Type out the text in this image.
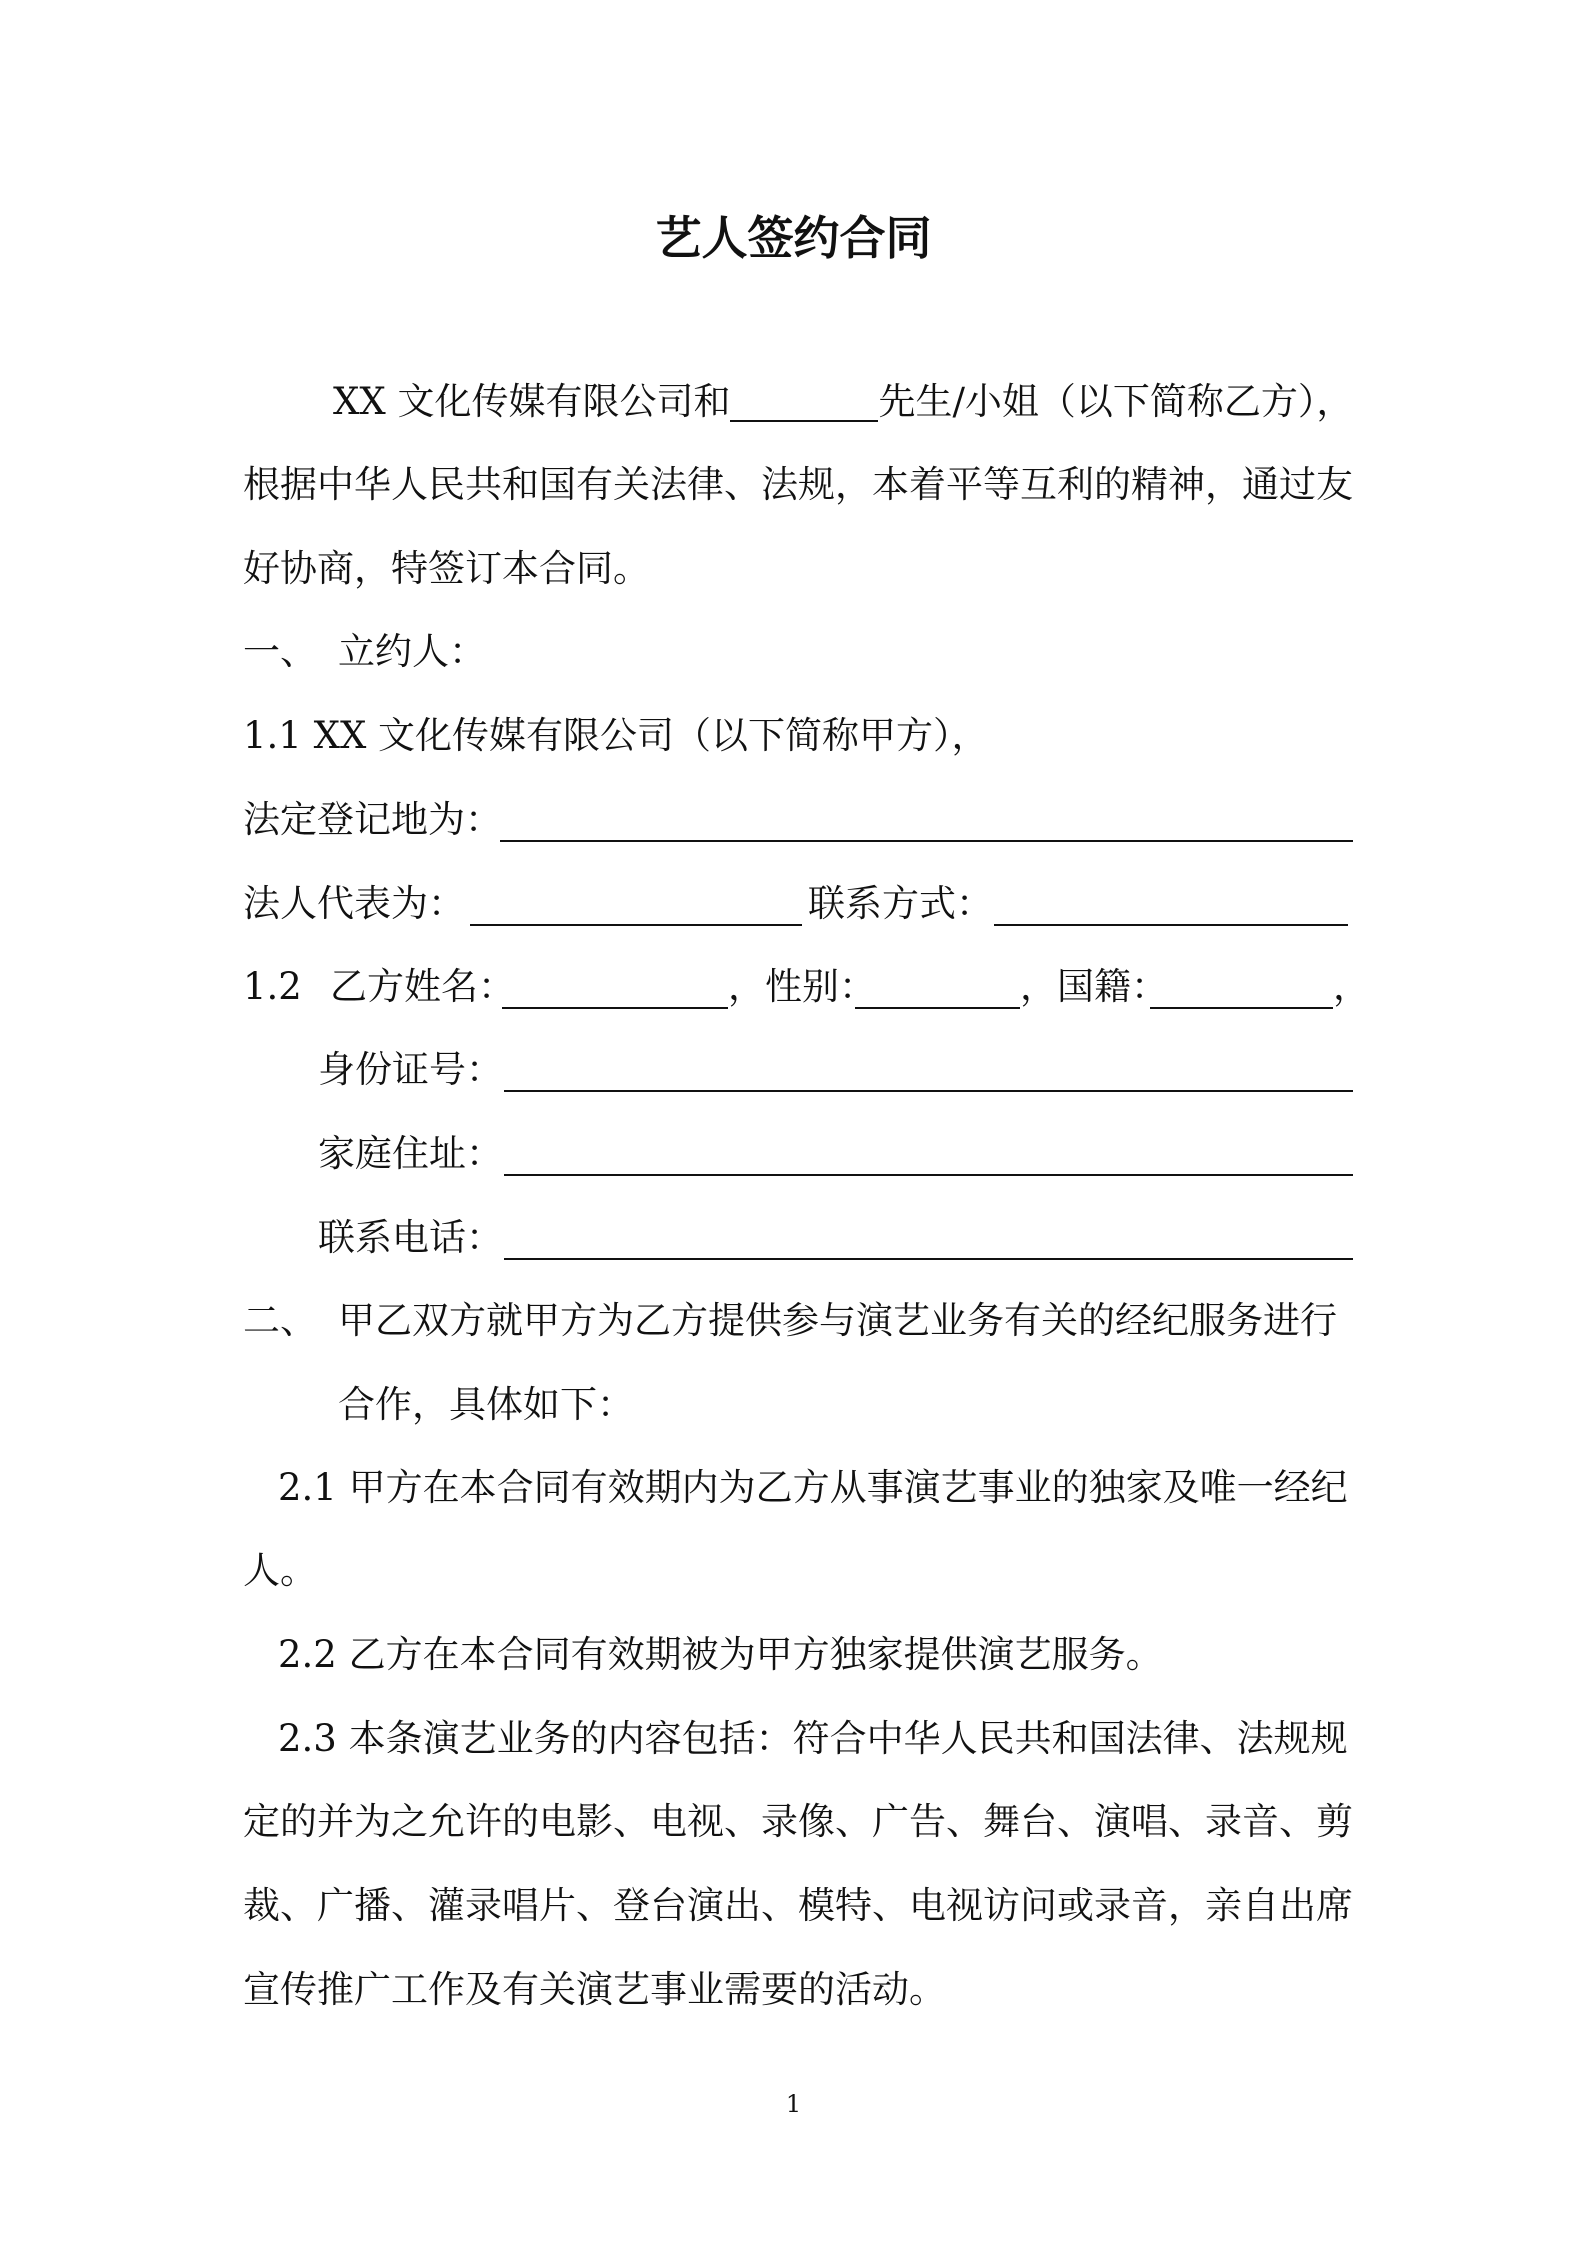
艺人签约合同
XX 文化传媒有限公司和	先生/小姐（以下简称乙方），
根据中华人民共和国有关法律、法规，本着平等互利的精神，通过友
好协商，特签订本合同。
一、 立约人：
1.1 XX 文化传媒有限公司（以下简称甲方），
法定登记地为：
法人代表为：	联系方式：
1.2 乙方姓名：	，性别：	，国籍：	，
身份证号：
家庭住址：
联系电话：
二、 甲乙双方就甲方为乙方提供参与演艺业务有关的经纪服务进行
合作，具体如下：
2.1 甲方在本合同有效期内为乙方从事演艺事业的独家及唯一经纪
人。
2.2 乙方在本合同有效期被为甲方独家提供演艺服务。
2.3 本条演艺业务的内容包括：符合中华人民共和国法律、法规规
定的并为之允许的电影、电视、录像、广告、舞台、演唱、录音、剪
裁、广播、灌录唱片、登台演出、模特、电视访问或录音，亲自出席
宣传推广工作及有关演艺事业需要的活动。
1
